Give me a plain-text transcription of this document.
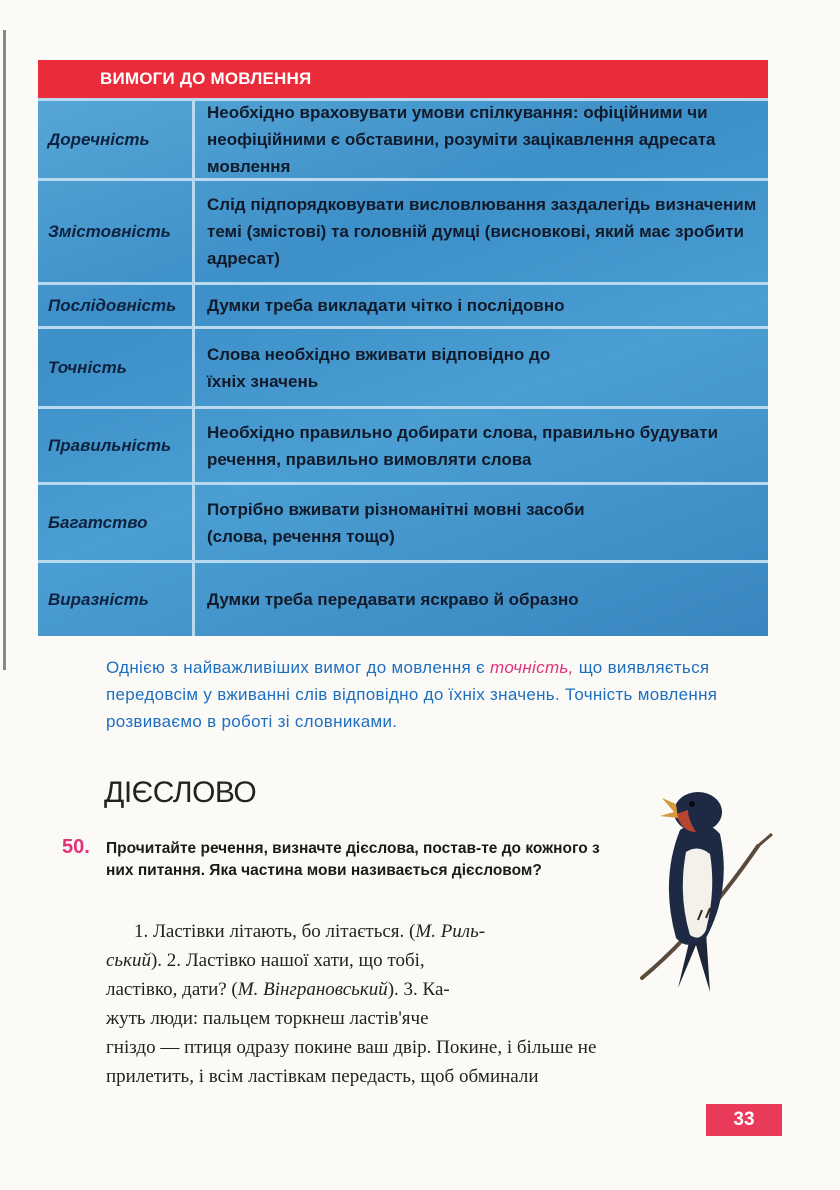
ВИМОГИ ДО МОВЛЕННЯ
Доречність
Необхідно враховувати умови спілкування: офіційними чи неофіційними є обставини, розуміти зацікавлення адресата мовлення
Змістовність
Слід підпорядковувати висловлювання заздалегідь визначеним темі (змістові) та головній думці (висновкові, який має зробити адресат)
Послідовність	Думки треба викладати чітко і послідовно
Точність
Слова необхідно вживати відповідно до їхніх значень
Правильність
Необхідно правильно добирати слова, правильно будувати речення, правильно вимовляти слова
Багатство
Потрібно вживати різноманітні мовні засоби (слова, речення тощо)
Виразність	Думки треба передавати яскраво й образно
Однією з найважливіших вимог до мовлення є точність, що виявляється передовсім у вживанні слів відповідно до їхніх значень. Точність мовлення розвиваємо в роботі зі словниками.
ДІЄСЛОВО
50. Прочитайте речення, визначте дієслова, постав-те до кожного з них питання. Яка частина мови називається дієсловом?
1. Ластівки літають, бо літається. (М. Риль-
ський). 2. Ластівко нашої хати, що тобі,
ластівко, дати? (М. Вінграновський). 3. Ка-
жуть люди: пальцем торкнеш ластів'яче
гніздо — птиця одразу покине ваш двір. Покине, і більше не
прилетить, і всім ластівкам передасть, щоб обминали
33
